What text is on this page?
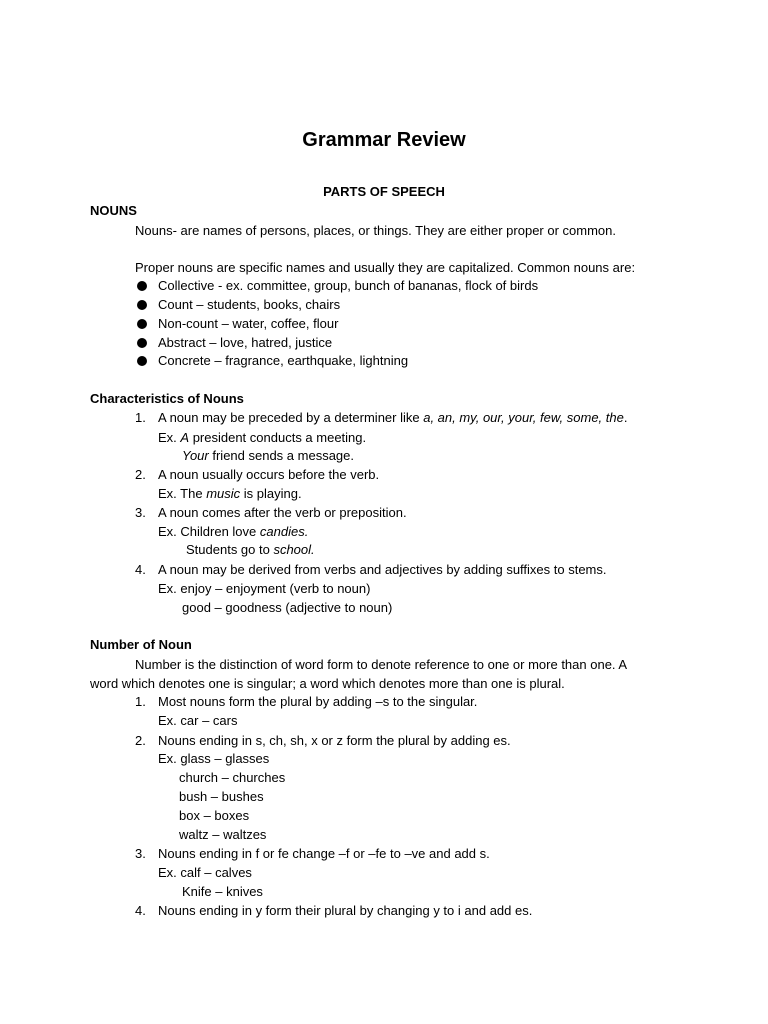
Grammar Review
PARTS OF SPEECH
NOUNS
Nouns- are names of persons, places, or things. They are either proper or common.
Proper nouns are specific names and usually they are capitalized. Common nouns are:
Collective - ex. committee, group, bunch of bananas, flock of birds
Count – students, books, chairs
Non-count – water, coffee, flour
Abstract – love, hatred, justice
Concrete – fragrance, earthquake, lightning
Characteristics of Nouns
1. A noun may be preceded by a determiner like a, an, my, our, your, few, some, the.
Ex. A president conducts a meeting.
Your friend sends a message.
2. A noun usually occurs before the verb.
Ex. The music is playing.
3. A noun comes after the verb or preposition.
Ex. Children love candies.
Students go to school.
4. A noun may be derived from verbs and adjectives by adding suffixes to stems.
Ex. enjoy – enjoyment (verb to noun)
good – goodness (adjective to noun)
Number of Noun
Number is the distinction of word form to denote reference to one or more than one. A
word which denotes one is singular; a word which denotes more than one is plural.
1. Most nouns form the plural by adding –s to the singular.
Ex. car – cars
2. Nouns ending in s, ch, sh, x or z form the plural by adding es.
Ex. glass – glasses
church – churches
bush – bushes
box – boxes
waltz – waltzes
3. Nouns ending in f or fe change –f or –fe to –ve and add s.
Ex. calf – calves
Knife – knives
4. Nouns ending in y form their plural by changing y to i and add es.
